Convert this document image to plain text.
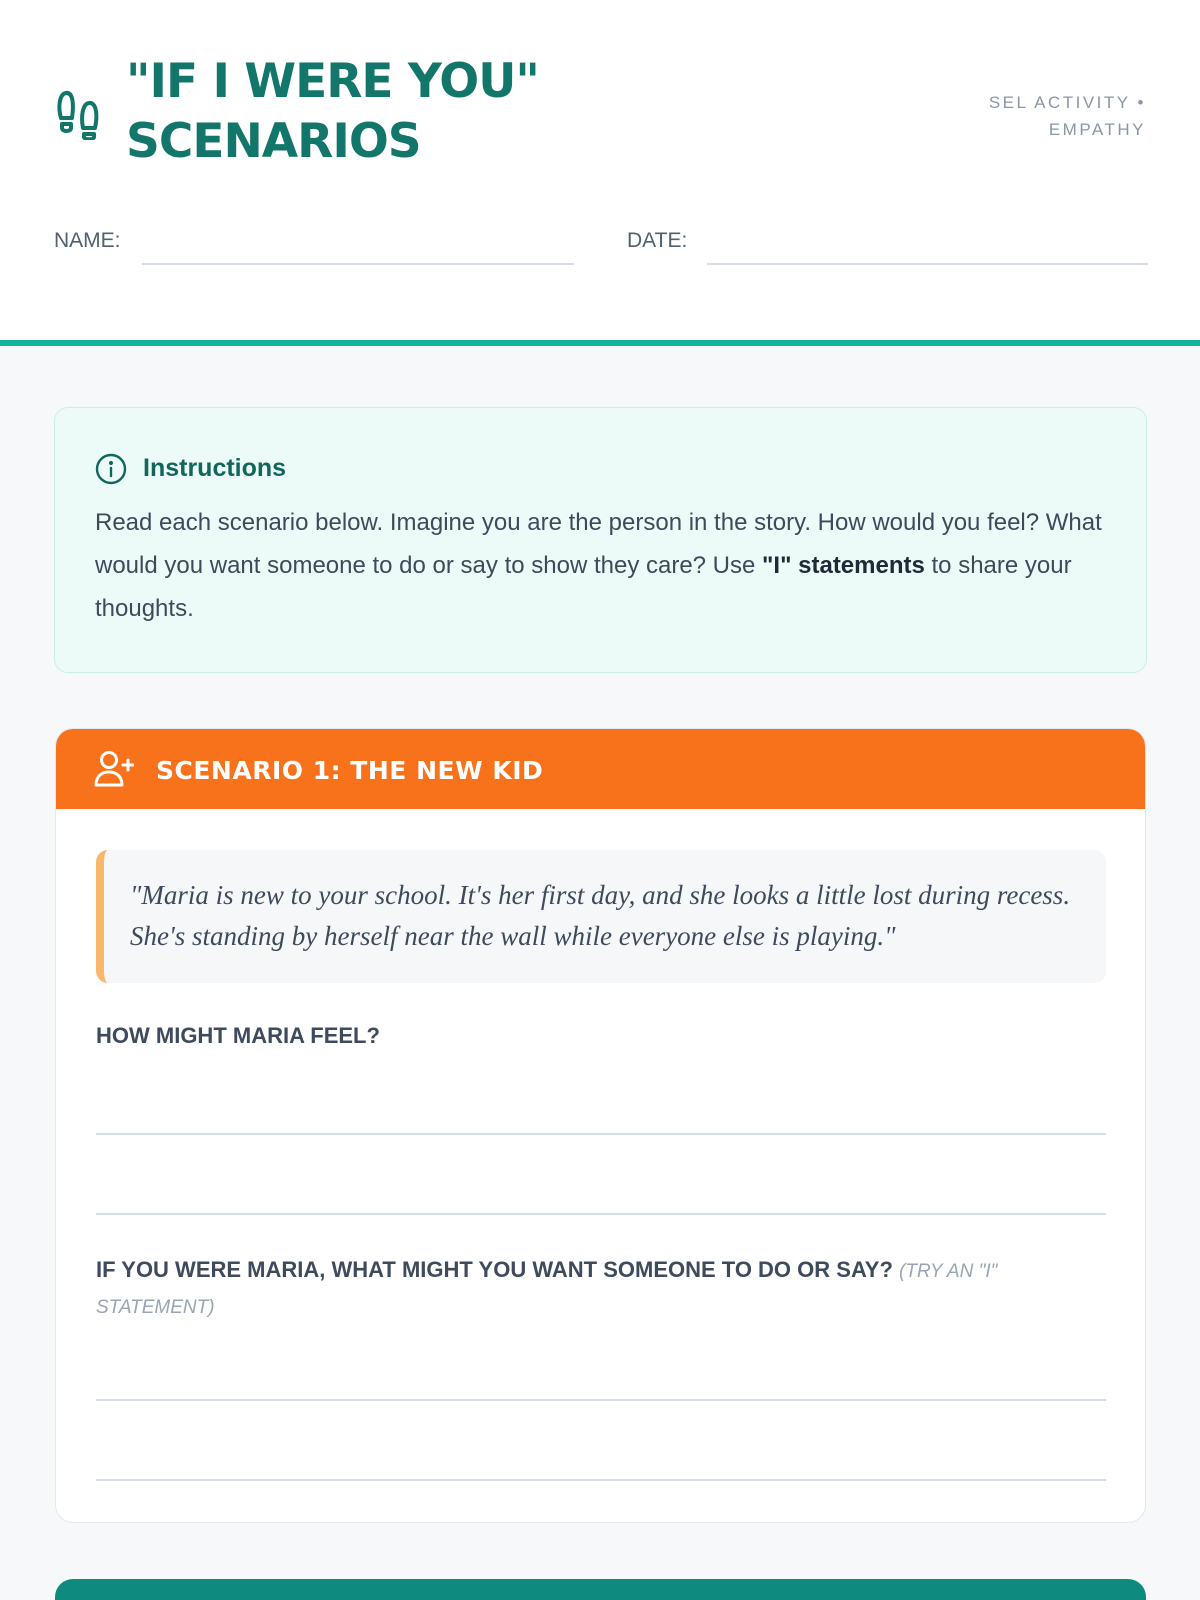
"IF I WERE YOU" SCENARIOS
SEL ACTIVITY • EMPATHY
NAME:	DATE:
Instructions
Read each scenario below. Imagine you are the person in the story. How would you feel? What would you want someone to do or say to show they care? Use "I" statements to share your thoughts.
SCENARIO 1: THE NEW KID
"Maria is new to your school. It's her first day, and she looks a little lost during recess. She's standing by herself near the wall while everyone else is playing."
HOW MIGHT MARIA FEEL?
IF YOU WERE MARIA, WHAT MIGHT YOU WANT SOMEONE TO DO OR SAY? (TRY AN "I" STATEMENT)
